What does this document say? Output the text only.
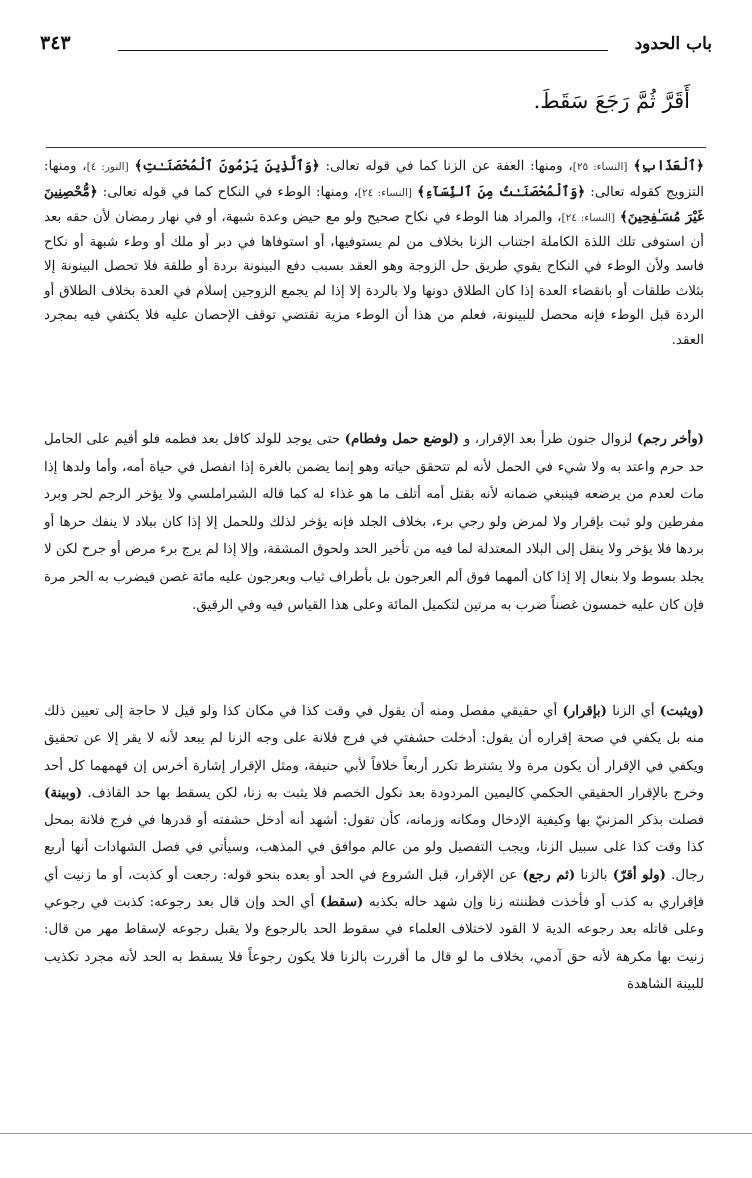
باب الحدود
٣٤٣
أَقَرَّ ثُمَّ رَجَعَ سَقَطَ.
﴿ٱلْعَذَابِ﴾ [النساء: ٢٥]، ومنها: العفة عن الزنا كما في قوله تعالى: ﴿وَٱلَّذِينَ يَرْمُونَ ٱلْمُحْصَنَـٰتِ﴾ [النور: ٤]، ومنها: التزويج كقوله تعالى: ﴿وَٱلْمُحْصَنَـٰتُ مِنَ ٱلنِّسَآءِ﴾ [النساء: ٢٤]، ومنها: الوطء في النكاح كما في قوله تعالى: ﴿مُّحْصِنِينَ غَيْرَ مُسَـٰفِحِينَ﴾ [النساء: ٢٤]، والمراد هنا الوطء في نكاح صحيح ولو مع حيض وعدة شبهة، أو في نهار رمضان لأن حقه بعد أن استوفى تلك اللذة الكاملة اجتناب الزنا بخلاف من لم يستوفيها، أو استوفاها في دبر أو ملك أو وطء شبهة أو نكاح فاسد ولأن الوطء في النكاح يقوي طريق حل الزوجة وهو العقد بسبب دفع البينونة بردة أو طلقة فلا تحصل البينونة إلا بثلاث طلقات أو بانقضاء العدة إذا كان الطلاق دونها ولا بالردة إلا إذا لم يجمع الزوجين إسلام في العدة بخلاف الطلاق أو الردة قبل الوطء فإنه محصل للبينونة، فعلم من هذا أن الوطء مزية تقتضي توقف الإحصان عليه فلا يكتفي فيه بمجرد العقد.
(وأخر رجم) لزوال جنون طرأ بعد الإقرار، و (لوضع حمل وفطام) حتى يوجد للولد كافل بعد فطمه فلو أقيم على الحامل حد حرم واعتد به ولا شيء في الحمل لأنه لم تتحقق حياته وهو إنما يضمن بالغرة إذا انفصل في حياة أمه، وأما ولدها إذا مات لعدم من يرضعه فينبغي ضمانه لأنه بقتل أمه أتلف ما هو غذاء له كما قاله الشبراملسي ولا يؤخر الرجم لحر وبرد مفرطين ولو ثبت بإقرار ولا لمرض ولو رجي برء، بخلاف الجلد فإنه يؤخر لذلك وللحمل إلا إذا كان ببلاد لا ينفك حرها أو بردها فلا يؤخر ولا ينقل إلى البلاد المعتدلة لما فيه من تأخير الحد ولحوق المشقة، وإلا إذا لم يرج برء مرض أو جرح لكن لا يجلد بسوط ولا بنعال إلا إذا كان ألمهما فوق ألم العرجون بل بأطراف ثياب وبعرجون عليه مائة غصن فيضرب به الحر مرة فإن كان عليه خمسون غصناً ضرب به مرتين لتكميل المائة وعلى هذا القياس فيه وفي الرقيق.
(ويثبت) أي الزنا (بإقرار) أي حقيقي مفصل ومنه أن يقول في وقت كذا في مكان كذا ولو قيل لا حاجة إلى تعيين ذلك منه بل يكفي في صحة إقراره أن يقول: أدخلت حشفتي في فرج فلانة على وجه الزنا لم يبعد لأنه لا يقر إلا عن تحقيق ويكفي في الإقرار أن يكون مرة ولا يشترط تكرر أربعاً خلافاً لأبي حنيفة، ومثل الإقرار إشارة أخرس إن فهمهما كل أحد وخرج بالإقرار الحقيقي الحكمي كاليمين المردودة بعد نكول الخصم فلا يثبت به زنا، لكن يسقط بها حد القاذف. (وبينة) فصلت بذكر المزنيّ بها وكيفية الإدخال ومكانه وزمانه، كأن تقول: أشهد أنه أدخل حشفته أو قدرها في فرج فلانة بمحل كذا وقت كذا على سبيل الزنا، ويجب التفصيل ولو من عالم موافق في المذهب، وسيأتي في فصل الشهادات أنها أربع رجال. (ولو أقرّ) بالزنا (ثم رجع) عن الإقرار، قبل الشروع في الحد أو بعده بنحو قوله: رجعت أو كذبت، أو ما زنيت أي فإقراري به كذب أو فأخذت فظننته زنا وإن شهد حاله بكذبه (سقط) أي الحد وإن قال بعد رجوعه: كذبت في رجوعي وعلى قاتله بعد رجوعه الدية لا القود لاختلاف العلماء في سقوط الحد بالرجوع ولا يقبل رجوعه لإسقاط مهر من قال: زنيت بها مكرهة لأنه حق آدمي، بخلاف ما لو قال ما أقررت بالزنا فلا يكون رجوعاً فلا يسقط به الحد لأنه مجرد تكذيب للبينة الشاهدة
